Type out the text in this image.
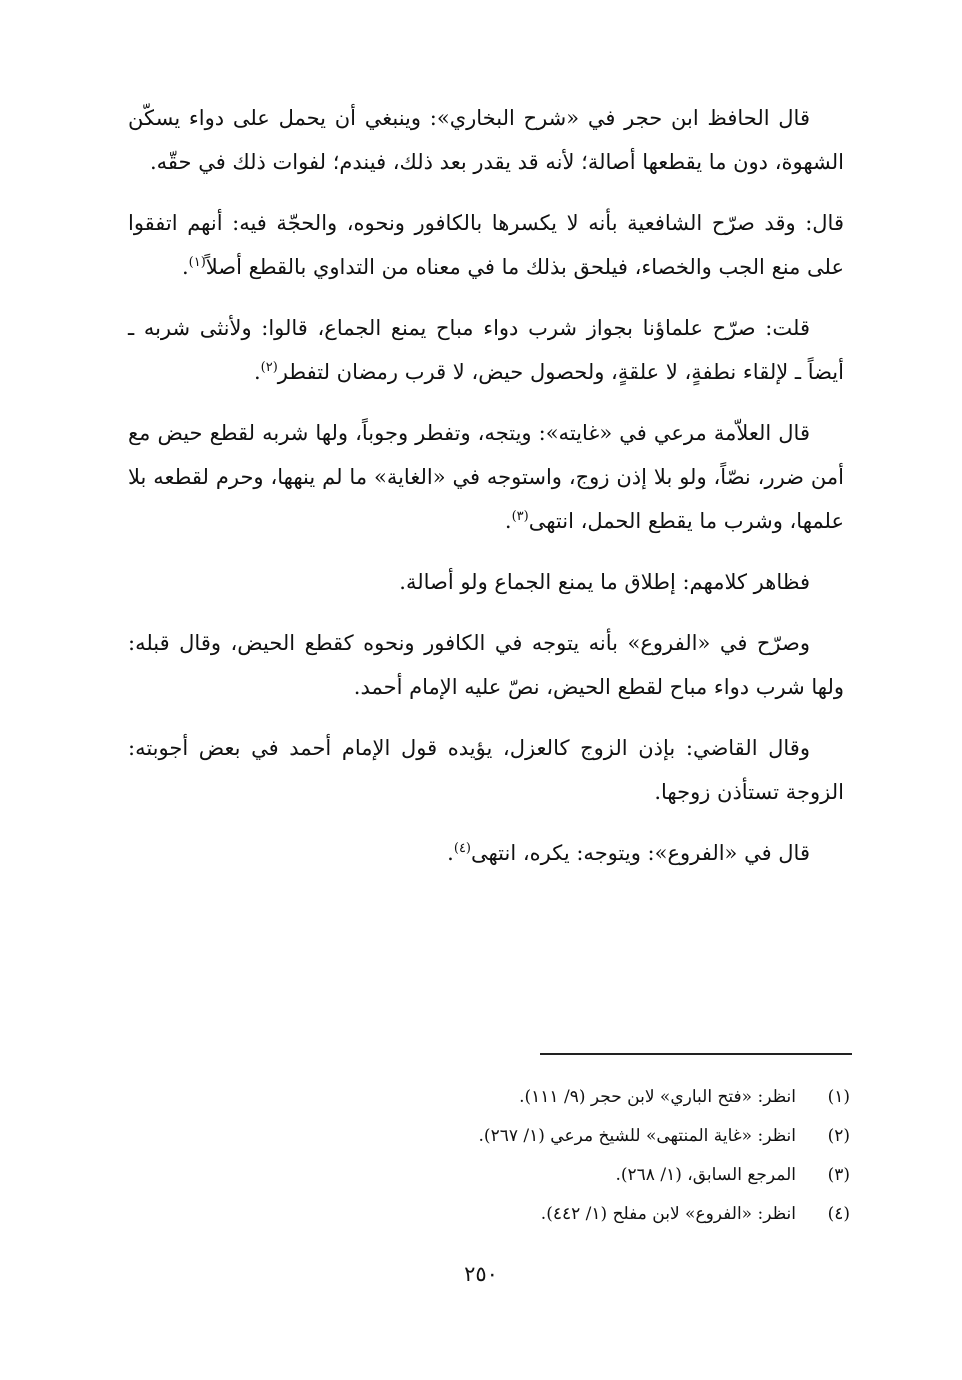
قال الحافظ ابن حجر في «شرح البخاري»: وينبغي أن يحمل على دواء يسكّن الشهوة، دون ما يقطعها أصالة؛ لأنه قد يقدر بعد ذلك، فيندم؛ لفوات ذلك في حقّه.

قال: وقد صرّح الشافعية بأنه لا يكسرها بالكافور ونحوه، والحجّة فيه: أنهم اتفقوا على منع الجب والخصاء، فيلحق بذلك ما في معناه من التداوي بالقطع أصلاً$^{(١)}$.

قلت: صرّح علماؤنا بجواز شرب دواء مباح يمنع الجماع، قالوا: ولأنثى شربه ـ أيضاً ـ لإلقاء نطفةٍ، لا علقةٍ، ولحصول حيض، لا قرب رمضان لتفطر$^{(٢)}$.

قال العلاّمة مرعي في «غايته»: ويتجه، وتفطر وجوباً، ولها شربه لقطع حيض مع أمن ضرر، نصّاً، ولو بلا إذن زوج، واستوجه في «الغاية» ما لم ينهها، وحرم لقطعه بلا علمها، وشرب ما يقطع الحمل، انتهى$^{(٣)}$.

فظاهر كلامهم: إطلاق ما يمنع الجماع ولو أصالة.

وصرّح في «الفروع» بأنه يتوجه في الكافور ونحوه كقطع الحيض، وقال قبله: ولها شرب دواء مباح لقطع الحيض، نصّ عليه الإمام أحمد.

وقال القاضي: بإذن الزوج كالعزل، يؤيده قول الإمام أحمد في بعض أجوبته: الزوجة تستأذن زوجها.

قال في «الفروع»: ويتوجه: يكره، انتهى$^{(٤)}$.

(١)
انظر: «فتح الباري» لابن حجر (٩/ ١١١).
(٢)
انظر: «غاية المنتهى» للشيخ مرعي (١/ ٢٦٧).
(٣)
المرجع السابق، (١/ ٢٦٨).
(٤)
انظر: «الفروع» لابن مفلح (١/ ٤٤٢).
٢٥٠
